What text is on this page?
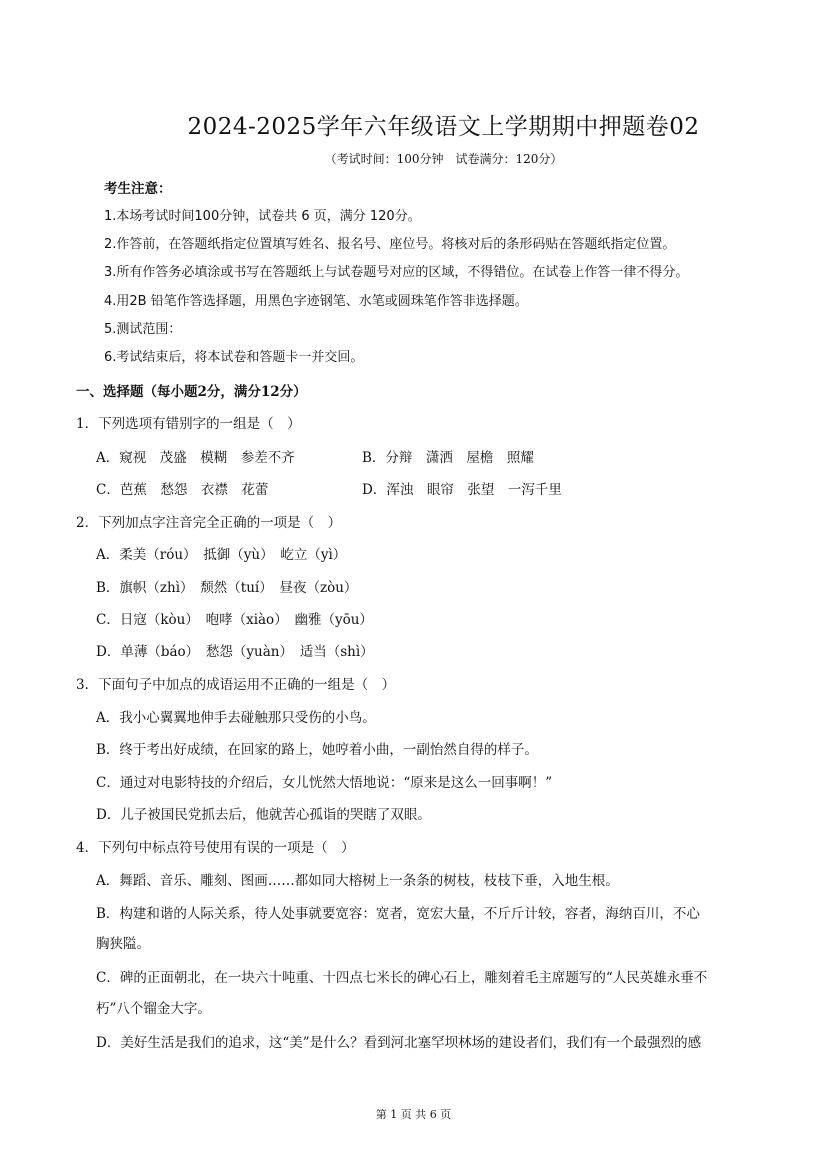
2024-2025学年六年级语文上学期期中押题卷02
（考试时间：100分钟　试卷满分：120分）
考生注意：
1.本场考试时间100分钟，试卷共 6 页，满分 120分。
2.作答前，在答题纸指定位置填写姓名、报名号、座位号。将核对后的条形码贴在答题纸指定位置。
3.所有作答务必填涂或书写在答题纸上与试卷题号对应的区域，不得错位。在试卷上作答一律不得分。
4.用2B 铅笔作答选择题，用黑色字迹钢笔、水笔或圆珠笔作答非选择题。
5.测试范围：
6.考试结束后，将本试卷和答题卡一并交回。
一、选择题（每小题2分，满分12分）
1．下列选项有错别字的一组是（　）
A．窥视　茂盛　模糊　参差不齐	B．分辩　潇洒　屋檐　照耀
C．芭蕉　愁怨　衣襟　花蕾	D．浑浊　眼帘　张望　一泻千里
2．下列加点字注音完全正确的一项是（　）
A．柔美（róu）　抵御（yù）　屹立（yì）
B．旗帜（zhì）　颓然（tuí）　昼夜（zòu）
C．日寇（kòu）　咆哮（xiào）　幽雅（yōu）
D．单薄（báo）　愁怨（yuàn）　适当（shì）
3．下面句子中加点的成语运用不正确的一组是（　）
A．我小心翼翼地伸手去碰触那只受伤的小鸟。
B．终于考出好成绩，在回家的路上，她哼着小曲，一副怡然自得的样子。
C．通过对电影特技的介绍后，女儿恍然大悟地说：“原来是这么一回事啊！”
D．儿子被国民党抓去后，他就苦心孤诣的哭瞎了双眼。
4．下列句中标点符号使用有误的一项是（　）
A．舞蹈、音乐、雕刻、图画……都如同大榕树上一条条的树枝，枝枝下垂，入地生根。
B．构建和谐的人际关系，待人处事就要宽容：宽者，宽宏大量，不斤斤计较，容者，海纳百川，不心
胸狭隘。
C．碑的正面朝北，在一块六十吨重、十四点七米长的碑心石上，雕刻着毛主席题写的“人民英雄永垂不
朽”八个镏金大字。
D．美好生活是我们的追求，这“美”是什么？看到河北塞罕坝林场的建设者们，我们有一个最强烈的感
第 1 页 共 6 页
